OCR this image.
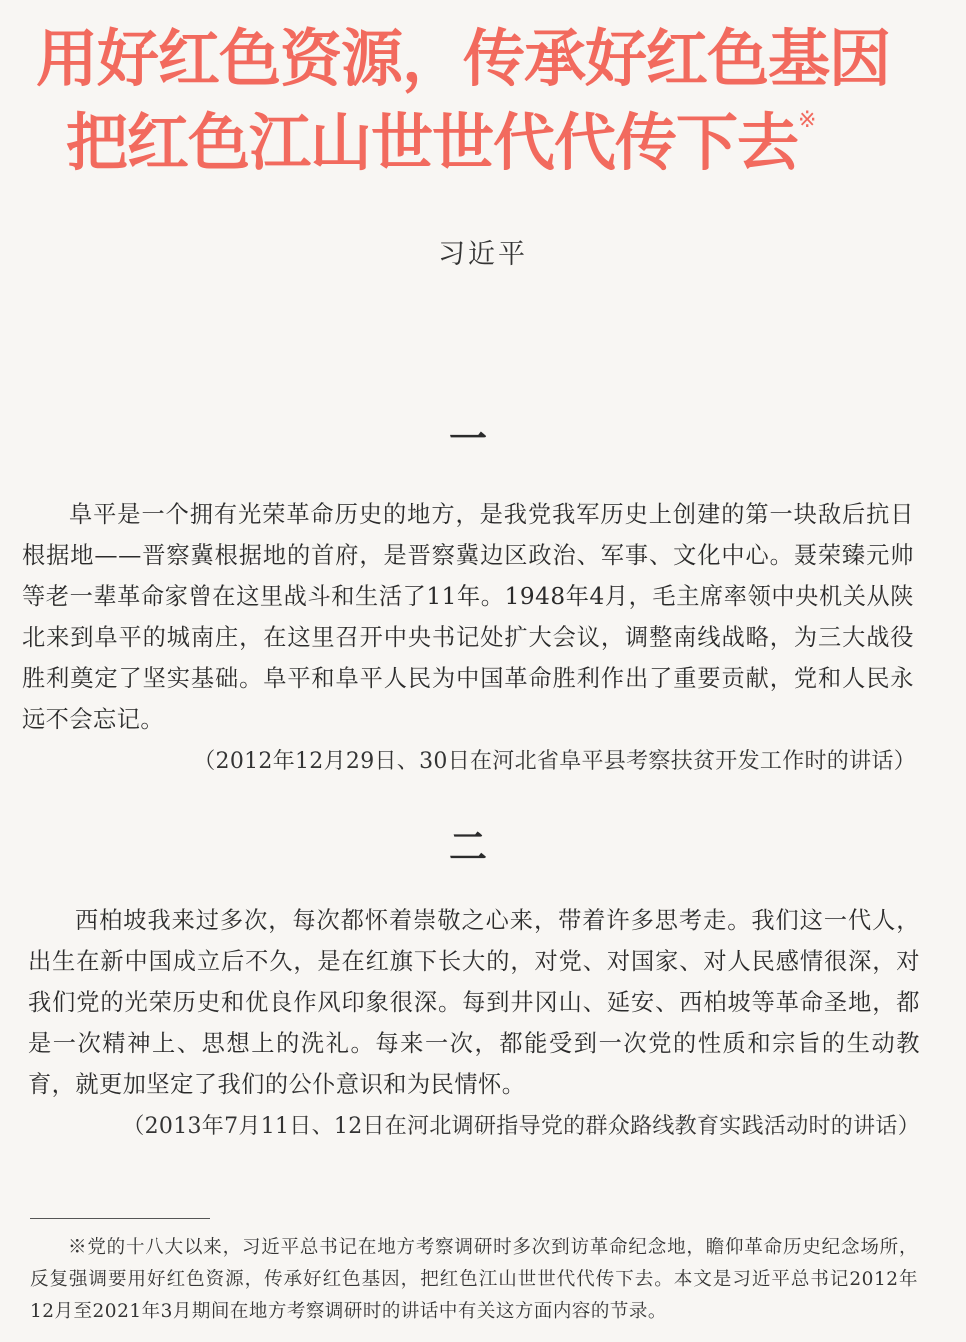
用好红色资源，传承好红色基因
把红色江山世世代代传下去※
习近平
一
阜平是一个拥有光荣革命历史的地方，是我党我军历史上创建的第一块敌后抗日根据地——晋察冀根据地的首府，是晋察冀边区政治、军事、文化中心。聂荣臻元帅等老一辈革命家曾在这里战斗和生活了11年。1948年4月，毛主席率领中央机关从陕北来到阜平的城南庄，在这里召开中央书记处扩大会议，调整南线战略，为三大战役胜利奠定了坚实基础。阜平和阜平人民为中国革命胜利作出了重要贡献，党和人民永远不会忘记。
（2012年12月29日、30日在河北省阜平县考察扶贫开发工作时的讲话）
二
西柏坡我来过多次，每次都怀着崇敬之心来，带着许多思考走。我们这一代人，出生在新中国成立后不久，是在红旗下长大的，对党、对国家、对人民感情很深，对我们党的光荣历史和优良作风印象很深。每到井冈山、延安、西柏坡等革命圣地，都是一次精神上、思想上的洗礼。每来一次，都能受到一次党的性质和宗旨的生动教育，就更加坚定了我们的公仆意识和为民情怀。
（2013年7月11日、12日在河北调研指导党的群众路线教育实践活动时的讲话）
※党的十八大以来，习近平总书记在地方考察调研时多次到访革命纪念地，瞻仰革命历史纪念场所，反复强调要用好红色资源，传承好红色基因，把红色江山世世代代传下去。本文是习近平总书记2012年12月至2021年3月期间在地方考察调研时的讲话中有关这方面内容的节录。
